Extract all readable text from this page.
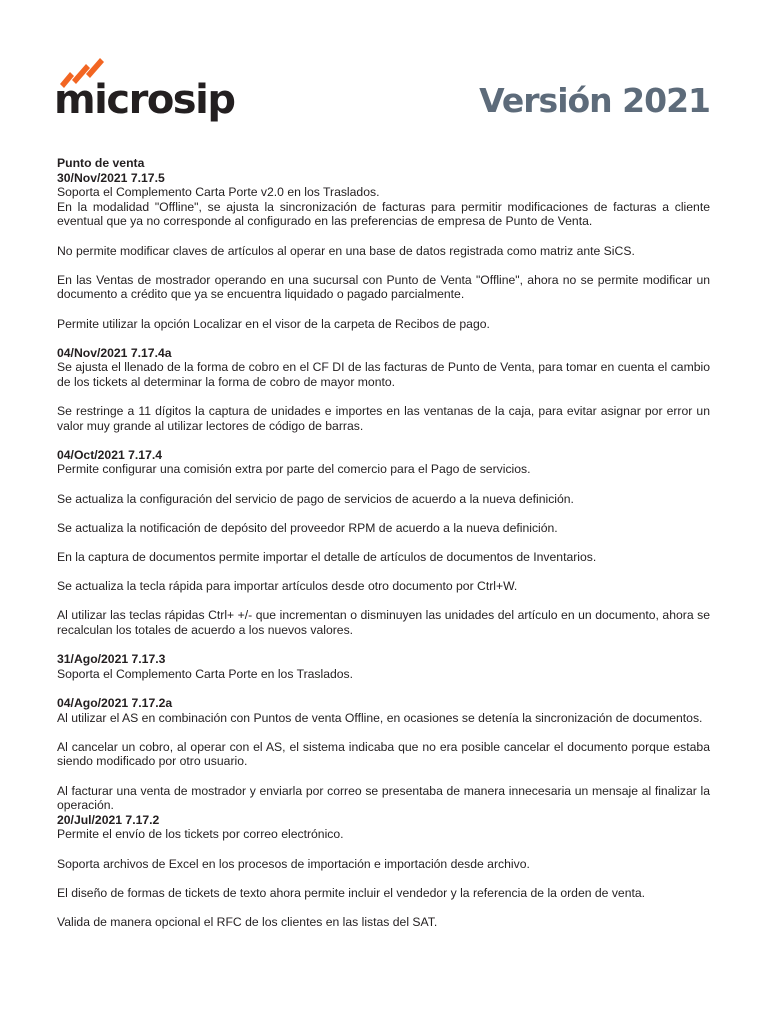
microsip	Versión 2021

Punto de venta

30/Nov/2021 7.17.5

Soporta el Complemento Carta Porte v2.0 en los Traslados.

En la modalidad "Offline", se ajusta la sincronización de facturas para permitir modificaciones de facturas a cliente eventual que ya no corresponde al configurado en las preferencias de empresa de Punto de Venta.

No permite modificar claves de artículos al operar en una base de datos registrada como matriz ante SiCS.

En las Ventas de mostrador operando en una sucursal con Punto de Venta "Offline", ahora no se permite modificar un documento a crédito que ya se encuentra liquidado o pagado parcialmente.

Permite utilizar la opción Localizar en el visor de la carpeta de Recibos de pago.

04/Nov/2021 7.17.4a

Se ajusta el llenado de la forma de cobro en el CF DI de las facturas de Punto de Venta, para tomar en cuenta el cambio de los tickets al determinar la forma de cobro de mayor monto.

Se restringe a 11 dígitos la captura de unidades e importes en las ventanas de la caja, para evitar asignar por error un valor muy grande al utilizar lectores de código de barras.

04/Oct/2021 7.17.4

Permite configurar una comisión extra por parte del comercio para el Pago de servicios.

Se actualiza la configuración del servicio de pago de servicios de acuerdo a la nueva definición.

Se actualiza la notificación de depósito del proveedor RPM de acuerdo a la nueva definición.

En la captura de documentos permite importar el detalle de artículos de documentos de Inventarios.

Se actualiza la tecla rápida para importar artículos desde otro documento por Ctrl+W.

Al utilizar las teclas rápidas Ctrl+ +/- que incrementan o disminuyen las unidades del artículo en un documento, ahora se recalculan los totales de acuerdo a los nuevos valores.

31/Ago/2021 7.17.3

Soporta el Complemento Carta Porte en los Traslados.

04/Ago/2021 7.17.2a

Al utilizar el AS en combinación con Puntos de venta Offline, en ocasiones se detenía la sincronización de documentos.

Al cancelar un cobro, al operar con el AS, el sistema indicaba que no era posible cancelar el documento porque estaba siendo modificado por otro usuario.

Al facturar una venta de mostrador y enviarla por correo se presentaba de manera innecesaria un mensaje al finalizar la operación.

20/Jul/2021 7.17.2

Permite el envío de los tickets por correo electrónico.

Soporta archivos de Excel en los procesos de importación e importación desde archivo.

El diseño de formas de tickets de texto ahora permite incluir el vendedor y la referencia de la orden de venta.

Valida de manera opcional el RFC de los clientes en las listas del SAT.
